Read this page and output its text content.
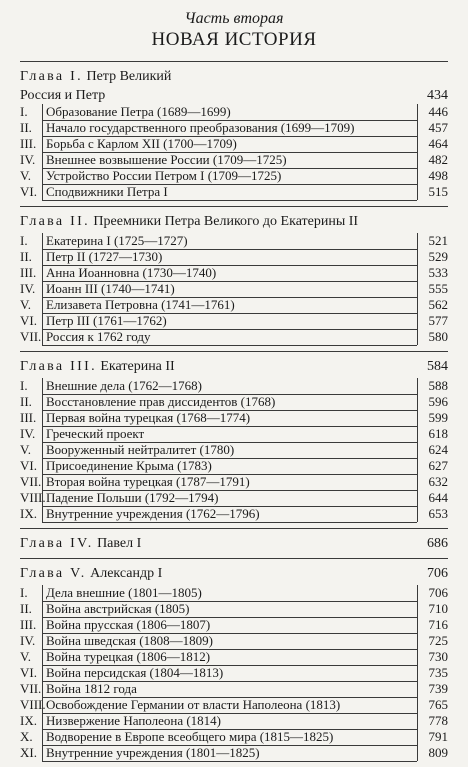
Часть вторая
НОВАЯ ИСТОРИЯ
Глава I. Петр Великий
Россия и Петр	434
I.	Образование Петра (1689—1699)	446
II.	Начало государственного преобразования (1699—1709)	457
III. Борьба с Карлом XII (1700—1709)	464
IV. Внешнее возвышение России (1709—1725)	482
V.	Устройство России Петром I (1709—1725)	498
VI. Сподвижники Петра I	515
Глава II. Преемники Петра Великого до Екатерины II
I.	Екатерина I (1725—1727)	521
II.	Петр II (1727—1730)	529
III. Анна Иоанновна (1730—1740)	533
IV. Иоанн III (1740—1741)	555
V.	Елизавета Петровна (1741—1761)	562
VI. Петр III (1761—1762)	577
VII. Россия к 1762 году	580
Глава III. Екатерина II	584
I.	Внешние дела (1762—1768)	588
II.	Восстановление прав диссидентов (1768)	596
III. Первая война турецкая (1768—1774)	599
IV. Греческий проект	618
V.	Вооруженный нейтралитет (1780)	624
VI. Присоединение Крыма (1783)	627
VII. Вторая война турецкая (1787—1791)	632
VIII. Падение Польши (1792—1794)	644
IX. Внутренние учреждения (1762—1796)	653
Глава IV. Павел I	686
Глава V. Александр I	706
I.	Дела внешние (1801—1805)	706
II.	Война австрийская (1805)	710
III. Война прусская (1806—1807)	716
IV. Война шведская (1808—1809)	725
V.	Война турецкая (1806—1812)	730
VI. Война персидская (1804—1813)	735
VII. Война 1812 года	739
VIII. Освобождение Германии от власти Наполеона (1813)	765
IX. Низвержение Наполеона (1814)	778
X.	Водворение в Европе всеобщего мира (1815—1825)	791
XI. Внутренние учреждения (1801—1825)	809
